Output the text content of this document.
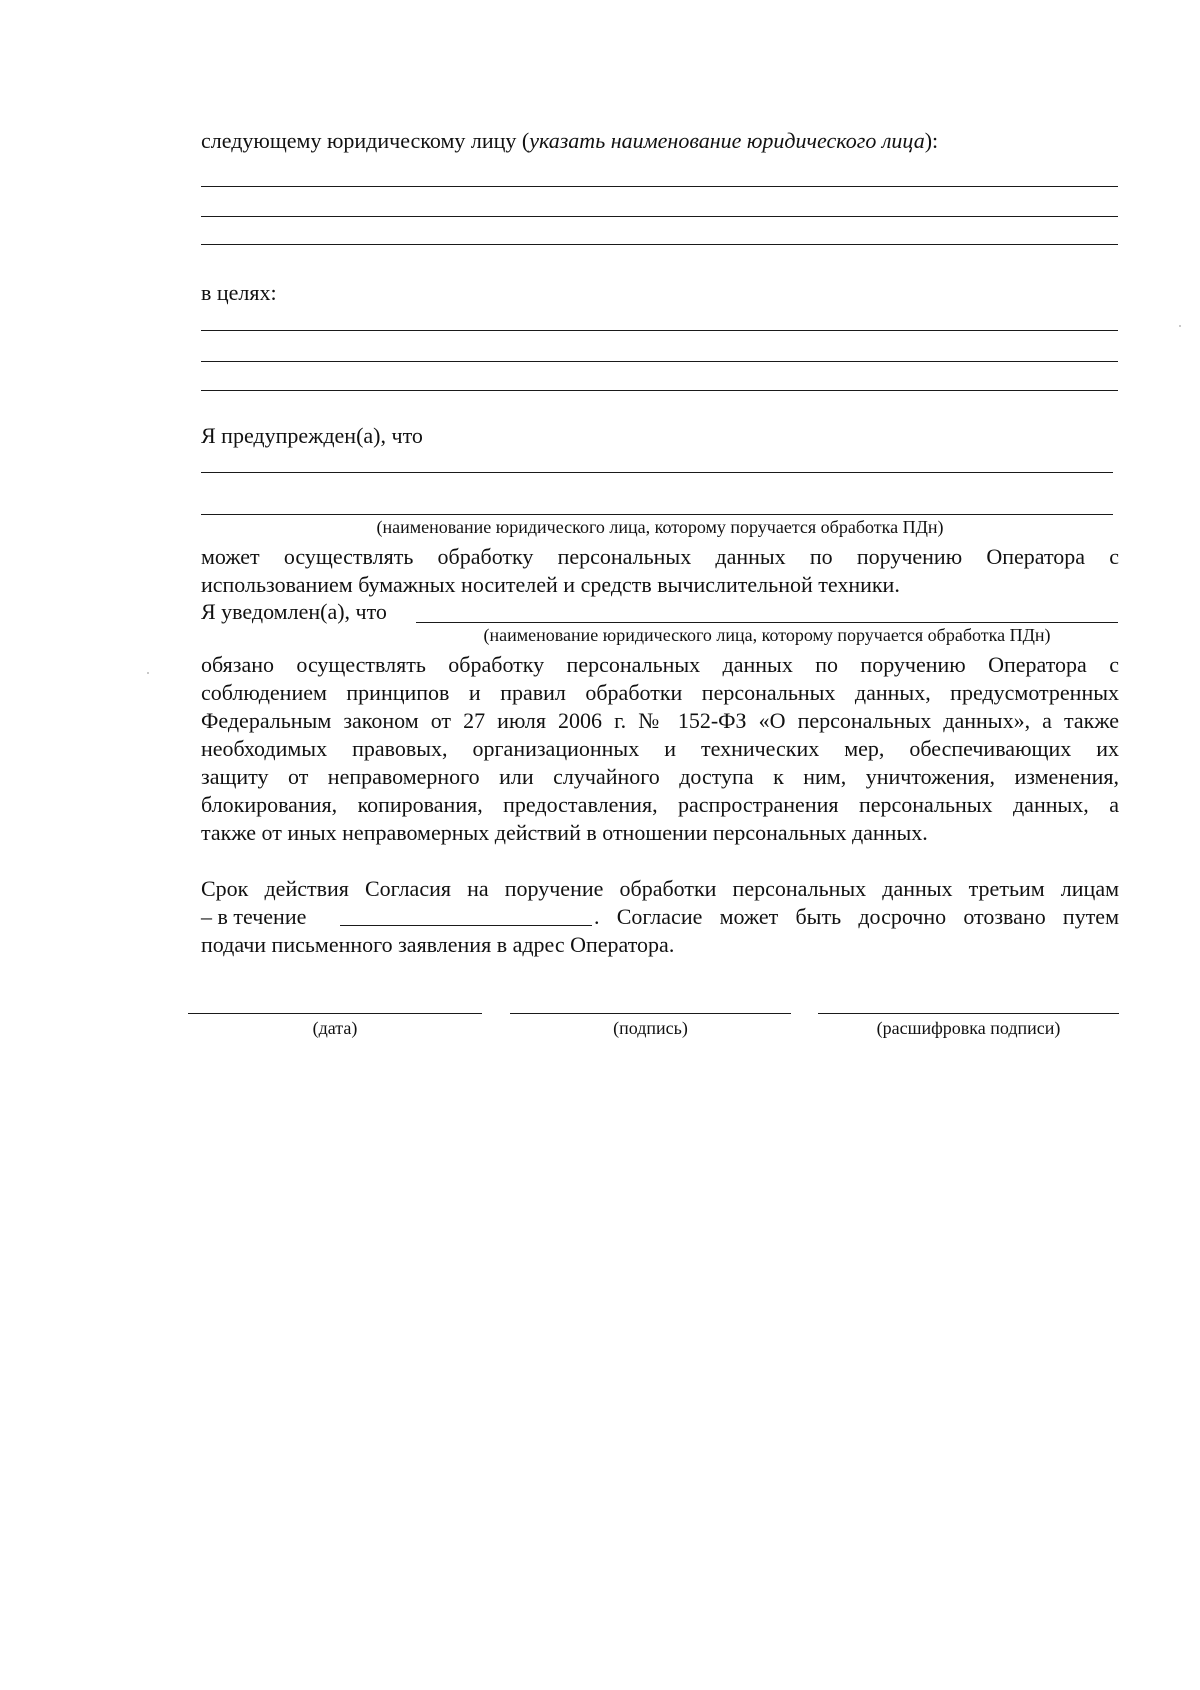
следующему юридическому лицу (указать наименование юридического лица):
в целях:
Я предупрежден(а), что
(наименование юридического лица, которому поручается обработка ПДн)
может осуществлять обработку персональных данных по поручению Оператора с
использованием бумажных носителей и средств вычислительной техники.
Я уведомлен(а), что
(наименование юридического лица, которому поручается обработка ПДн)
обязано осуществлять обработку персональных данных по поручению Оператора с
соблюдением принципов и правил обработки персональных данных, предусмотренных
Федеральным законом от 27 июля 2006 г. № 152-ФЗ «О персональных данных», а также
необходимых правовых, организационных и технических мер, обеспечивающих их
защиту от неправомерного или случайного доступа к ним, уничтожения, изменения,
блокирования, копирования, предоставления, распространения персональных данных, а
также от иных неправомерных действий в отношении персональных данных.
Срок действия Согласия на поручение обработки персональных данных третьим лицам
– в течение	. Согласие может быть досрочно отозвано путем
подачи письменного заявления в адрес Оператора.
(дата)	(подпись)	(расшифровка подписи)
